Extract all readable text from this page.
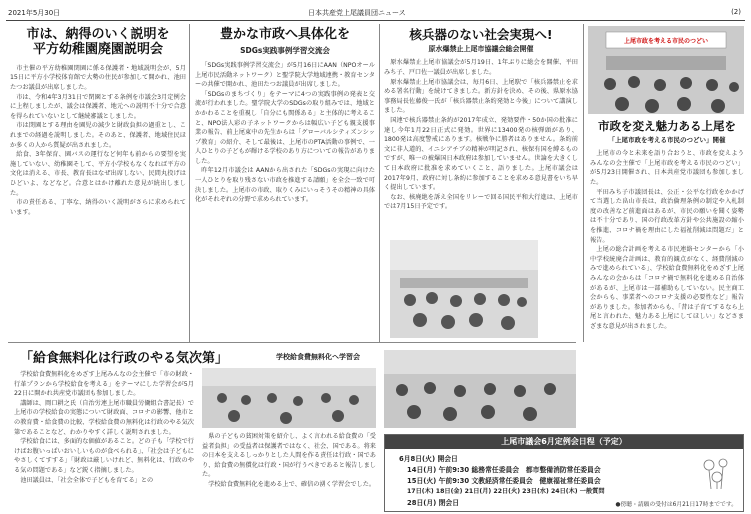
2021年5月30日	日本共産党上尾議員団ニュース	(2)
市は、納得のいく説明を
平方幼稚園廃園説明会

市主催の平方幼稚園閉園に係る保護者・地域説明会が、5月15日に平方小学校体育館で大勢の住民が参加して開かれ、池田たつお議員が出席しました。

市は、令和4年3月31日で閉園とする条例を市議会3月定例会に上程しましたが、議会は保護者、地元への説明不十分で合意を得られていないとして継続審議としました。

市は閉園とする理由を園児の減少と財政負担の過重とし、これまでの経過を説明しました。そのあと、保護者、地域住民ほか多くの人から質疑が出されました。

給食、3年保育、園バスの運行など何年も前からの要望を実施していない、幼稚園そして、平方小学校もなくなれば平方の文化は消える、市長、教育長はなぜ出席しない、民間丸投げはひどいよ、などなど。合意とはかけ離れた意見が続出しました。

市の責任ある、丁寧な、納得のいく説明がさらに求められています。

豊かな市政へ具体化を
SDGs実践事例学習交流会

「SDGs実践事例学習交流会」が5月16日にAAN（NPOオール上尾市民活動ネットワーク）と聖学院大学地域連携・教育センターの共催で開かれ、池田たつお議員が出席しました。

「SDGsのまちづくり」をテーマに4つの実践事例の発表と交流が行われました。聖学院大学のSDGsの取り組みでは、地域とかかわることを重視し「自分にも関係ある」と主体的に考えること、NPO法人彩の子ネットワークからは幅広い子ども親支援事業の報告、前上尾東中の先生からは「グローバルシティズンシップ教育」の紹介、そして最後は、上尾市のPTA活動の事例で、一人ひとりの子どもが輝ける学校のあり方についての報告がありました。

昨年12月市議会は AANから出された「SDGsの実現に向けた一人ひとりを取り残さない市政を推進する請願」を全会一致で可決しました。上尾市の市政、取りくみにいっそうその精神の具体化がそれぞれの分野で求められています。

核兵器のない社会実現へ!
原水爆禁止上尾市協議会総会開催

原水爆禁止上尾市協議会が5月19日、1年ぶりに総会を開催、平田みち子、戸口佐一議員が出席しました。

原水爆禁止上尾市協議会は、毎月6日、上尾駅で「核兵器禁止を求める署名行動」を続けてきました。新方針を決め、その後、県原水協事務局長佐藤俊一氏が「核兵器禁止条約発効と今後」について講演しました。

国連で核兵器禁止条約が2017年成立、発効要件・50か国の批准に達し今年1月22日正式に発効。世界に13400発の核弾頭があり、1800発は高度警戒にあります。核戦争に勝者はありません。条約前文に非人道的、イニシアチブの精神が明記され、核保有国を縛るものですが、唯一の被爆国日本政府は参加していません。世論を大きくして日本政府に批准を求めていくこと、語りました。上尾市議会は2017年9月、政府に対し条約に参加することを求める意見書をいち早く提出しています。

なお、核廃絶を訴え全国をリレーで回る国民平和大行進は、上尾市では7月15日予定です。

上尾市政を考える市民のつどい
市政を変え魅力ある上尾を
「上尾市政を考える市民のつどい」開催

上尾市の今と未来を語り合おうと、市政を変えようみんなの会主催で「上尾市政を考える市民のつどい」が5月23日開催され、日本共産党市議団も参加しました。

平田みち子市議団長は、公正・公平な行政をかかげて当選した畠山市長は、政治倫理条例の制定や入札制度の改善など前進面はあるが、市民の願いを聞く姿勢は不十分であり、国の行政改革方針や公共施設の縮小を推進、コロナ禍を理由にした福祉削減は問題だ」と報告。

上尾の総合計画を考える市民連絡センターから「小中学校統廃合計画は、教育的観点がなく、経費削減のみで進められている」、学校給食費無料化をめざす上尾みんなの会からは「コロナ禍で無料化を進める自治体があるが、上尾市は一部補助もしていない。民主商工会からも、事業者へのコロナ支援の必要性など」報告がありました。参加者からも、「昔は子育てするなら上尾と言われた、魅力ある上尾にしてほしい」などさまざまな意見が出されました。

「給食無料化は行政のやる気次第」	学校給食費無料化へ学習会

学校給食費無料化をめざす上尾みんなの会主催で「市の財政・行革プランから学校給食を考える」をテーマにした学習会が5月22日に開かれ共産党市議団も参加しました。

講師は、岡口耕之氏（自治労連上尾市職員労働組合書記長）で上尾市の学校給食の実態について財政面、コロナの影響、他市との教育費・給食費の比較、学校給食費の無料化は行政のやる気次第であることなど、わかりやすく詳しく説明されました。

学校給食には、多面的な価値があること。どの子も「学校で行けばお腹いっぱいおいしいものが食べられる」、「社会は子どもにやさしくてすする」「財政は厳しいけれど、無料化は、行政のやる気の問題である」など鋭く指摘しました。

池田議員は、「社会全体で子どもを育てる」との

県の子どもの貧困対策を紹介し、よく言われる給食費の「受益者負担」の受益者は保護者ではなく、社会、国である。将来の日本を支えるしっかりとした人間を作る責任は行政・国であり、給食費の無償化は行政・国が行うべきであると報告しました。

学校給食費無料化を進める上で、確信の湧く学習会でした。

上尾市議会6月定例会日程（予定）
6月8日(火) 開会日
14日(月) 午前9:30 総務常任委員会　都市整備消防常任委員会
15日(火) 午前9:30 文教経済常任委員会　健康福祉常任委員会
17日(木) 18日(金) 21日(月) 22日(火) 23日(水) 24日(木) 一般質問
28日(月) 閉会日	●傍聴・請願の受付は6月21日17時までです。
